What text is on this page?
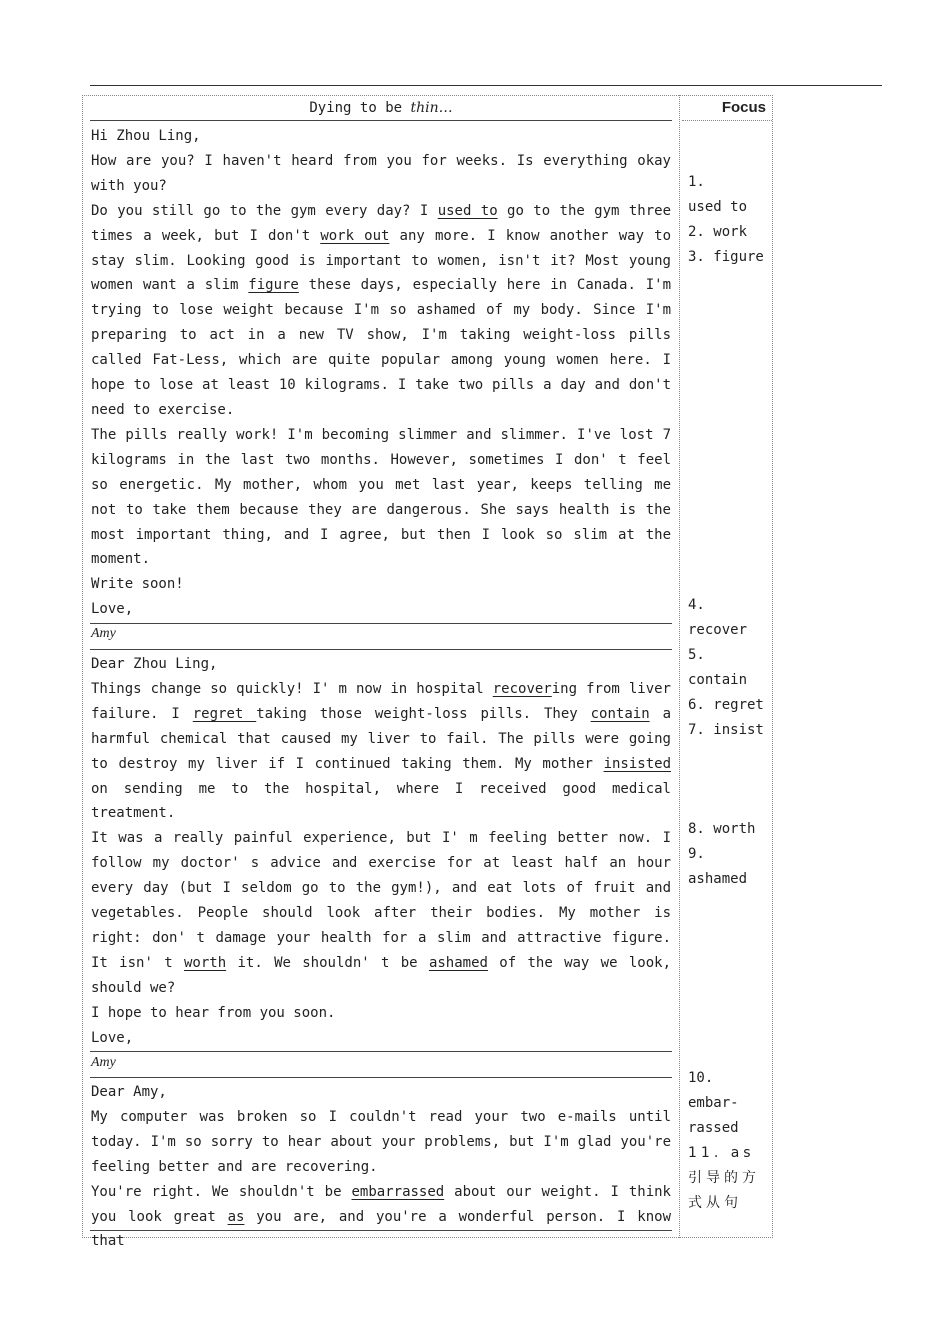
Dying to be thin…	Focus

Hi Zhou Ling,

How are you? I haven't heard from you for weeks. Is everything okay with you?

Do you still go to the gym every day? I used to go to the gym three times a week, but I don't work out any more. I know another way to stay slim. Looking good is important to women, isn't it? Most young women want a slim figure these days, especially here in Canada. I'm trying to lose weight because I'm so ashamed of my body. Since I'm preparing to act in a new TV show, I'm taking weight-loss pills called Fat-Less, which are quite popular among young women here. I hope to lose at least 10 kilograms. I take two pills a day and don't need to exercise.

The pills really work! I'm becoming slimmer and slimmer. I've lost 7 kilograms in the last two months. However, sometimes I don' t feel so energetic. My mother, whom you met last year, keeps telling me not to take them because they are dangerous. She says health is the most important thing, and I agree, but then I look so slim at the moment.

Write soon!

Love,

Amy

Dear Zhou Ling,

Things change so quickly! I' m now in hospital recovering from liver failure. I regret taking those weight-loss pills. They contain a harmful chemical that caused my liver to fail. The pills were going to destroy my liver if I continued taking them. My mother insisted on sending me to the hospital, where I received good medical treatment.

It was a really painful experience, but I' m feeling better now. I follow my doctor' s advice and exercise for at least half an hour every day (but I seldom go to the gym!), and eat lots of fruit and vegetables. People should look after their bodies. My mother is right: don' t damage your health for a slim and attractive figure. It isn' t worth it. We shouldn' t be ashamed of the way we look, should we?

I hope to hear from you soon.

Love,

Amy

Dear Amy,

My computer was broken so I couldn't read your two e-mails until today. I'm so sorry to hear about your problems, but I'm glad you're feeling better and are recovering.

You're right. We shouldn't be embarrassed about our weight. I think you look great as you are, and you're a wonderful person. I know that

1.    used to

2. work

3. figure

4. recover

5. contain

6. regret

7. insist

8. worth

9. ashamed

10. embar-rassed

11. as 引导的方式从句
